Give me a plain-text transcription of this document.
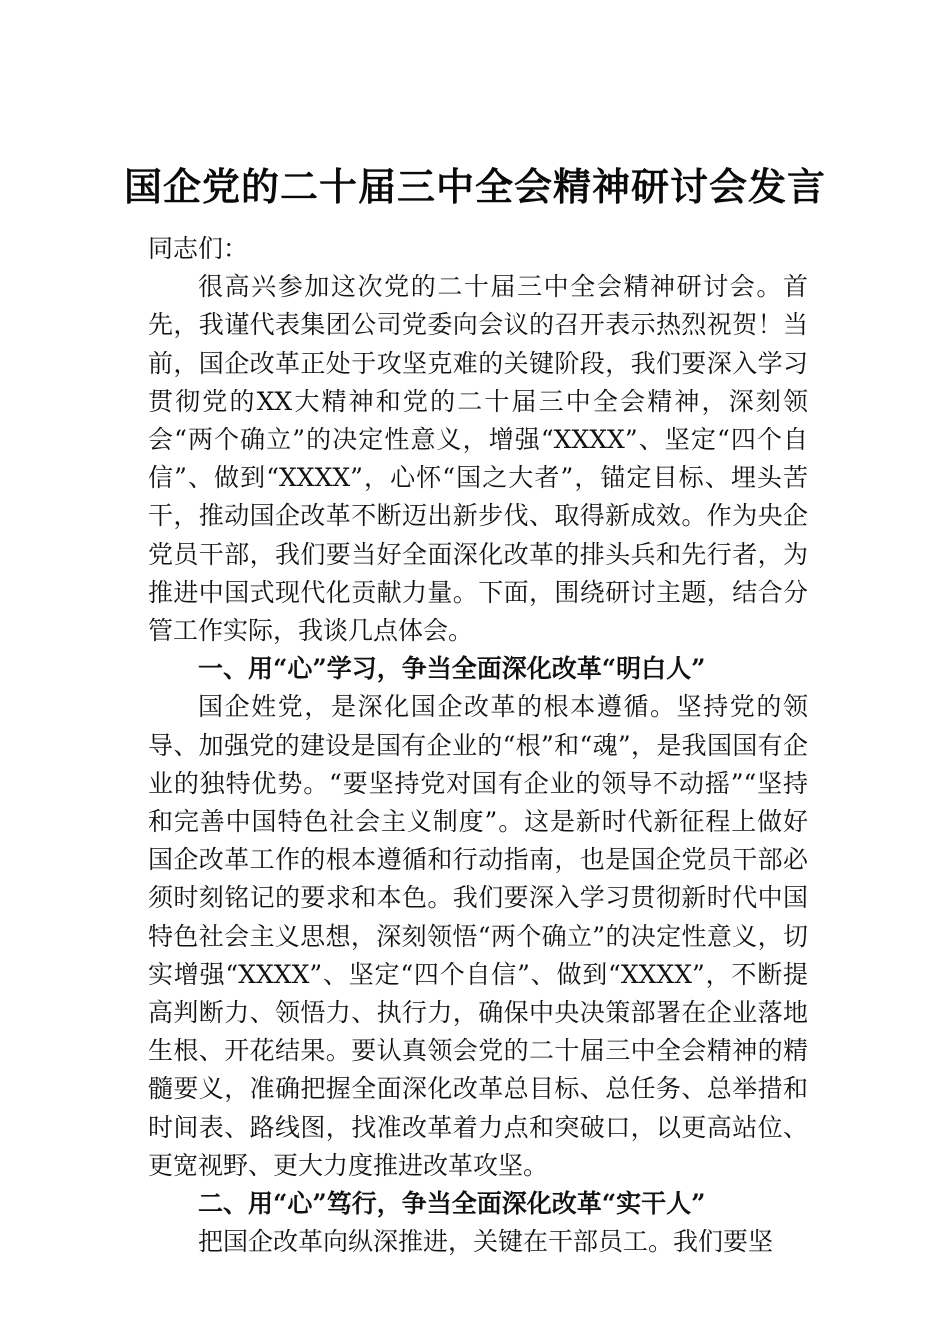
国企党的二十届三中全会精神研讨会发言

同志们：

很高兴参加这次党的二十届三中全会精神研讨会。首先，我谨代表集团公司党委向会议的召开表示热烈祝贺！当前，国企改革正处于攻坚克难的关键阶段，我们要深入学习贯彻党的XX大精神和党的二十届三中全会精神，深刻领会“两个确立”的决定性意义，增强“XXXX”、坚定“四个自信”、做到“XXXX”，心怀“国之大者”，锚定目标、埋头苦干，推动国企改革不断迈出新步伐、取得新成效。作为央企党员干部，我们要当好全面深化改革的排头兵和先行者，为推进中国式现代化贡献力量。下面，围绕研讨主题，结合分管工作实际，我谈几点体会。

一、用“心”学习，争当全面深化改革“明白人”

国企姓党，是深化国企改革的根本遵循。坚持党的领导、加强党的建设是国有企业的“根”和“魂”，是我国国有企业的独特优势。“要坚持党对国有企业的领导不动摇”“坚持和完善中国特色社会主义制度”。这是新时代新征程上做好国企改革工作的根本遵循和行动指南，也是国企党员干部必须时刻铭记的要求和本色。我们要深入学习贯彻新时代中国特色社会主义思想，深刻领悟“两个确立”的决定性意义，切实增强“XXXX”、坚定“四个自信”、做到“XXXX”，不断提高判断力、领悟力、执行力，确保中央决策部署在企业落地生根、开花结果。要认真领会党的二十届三中全会精神的精髓要义，准确把握全面深化改革总目标、总任务、总举措和时间表、路线图，找准改革着力点和突破口，以更高站位、更宽视野、更大力度推进改革攻坚。

二、用“心”笃行，争当全面深化改革“实干人”

把国企改革向纵深推进，关键在干部员工。我们要坚
